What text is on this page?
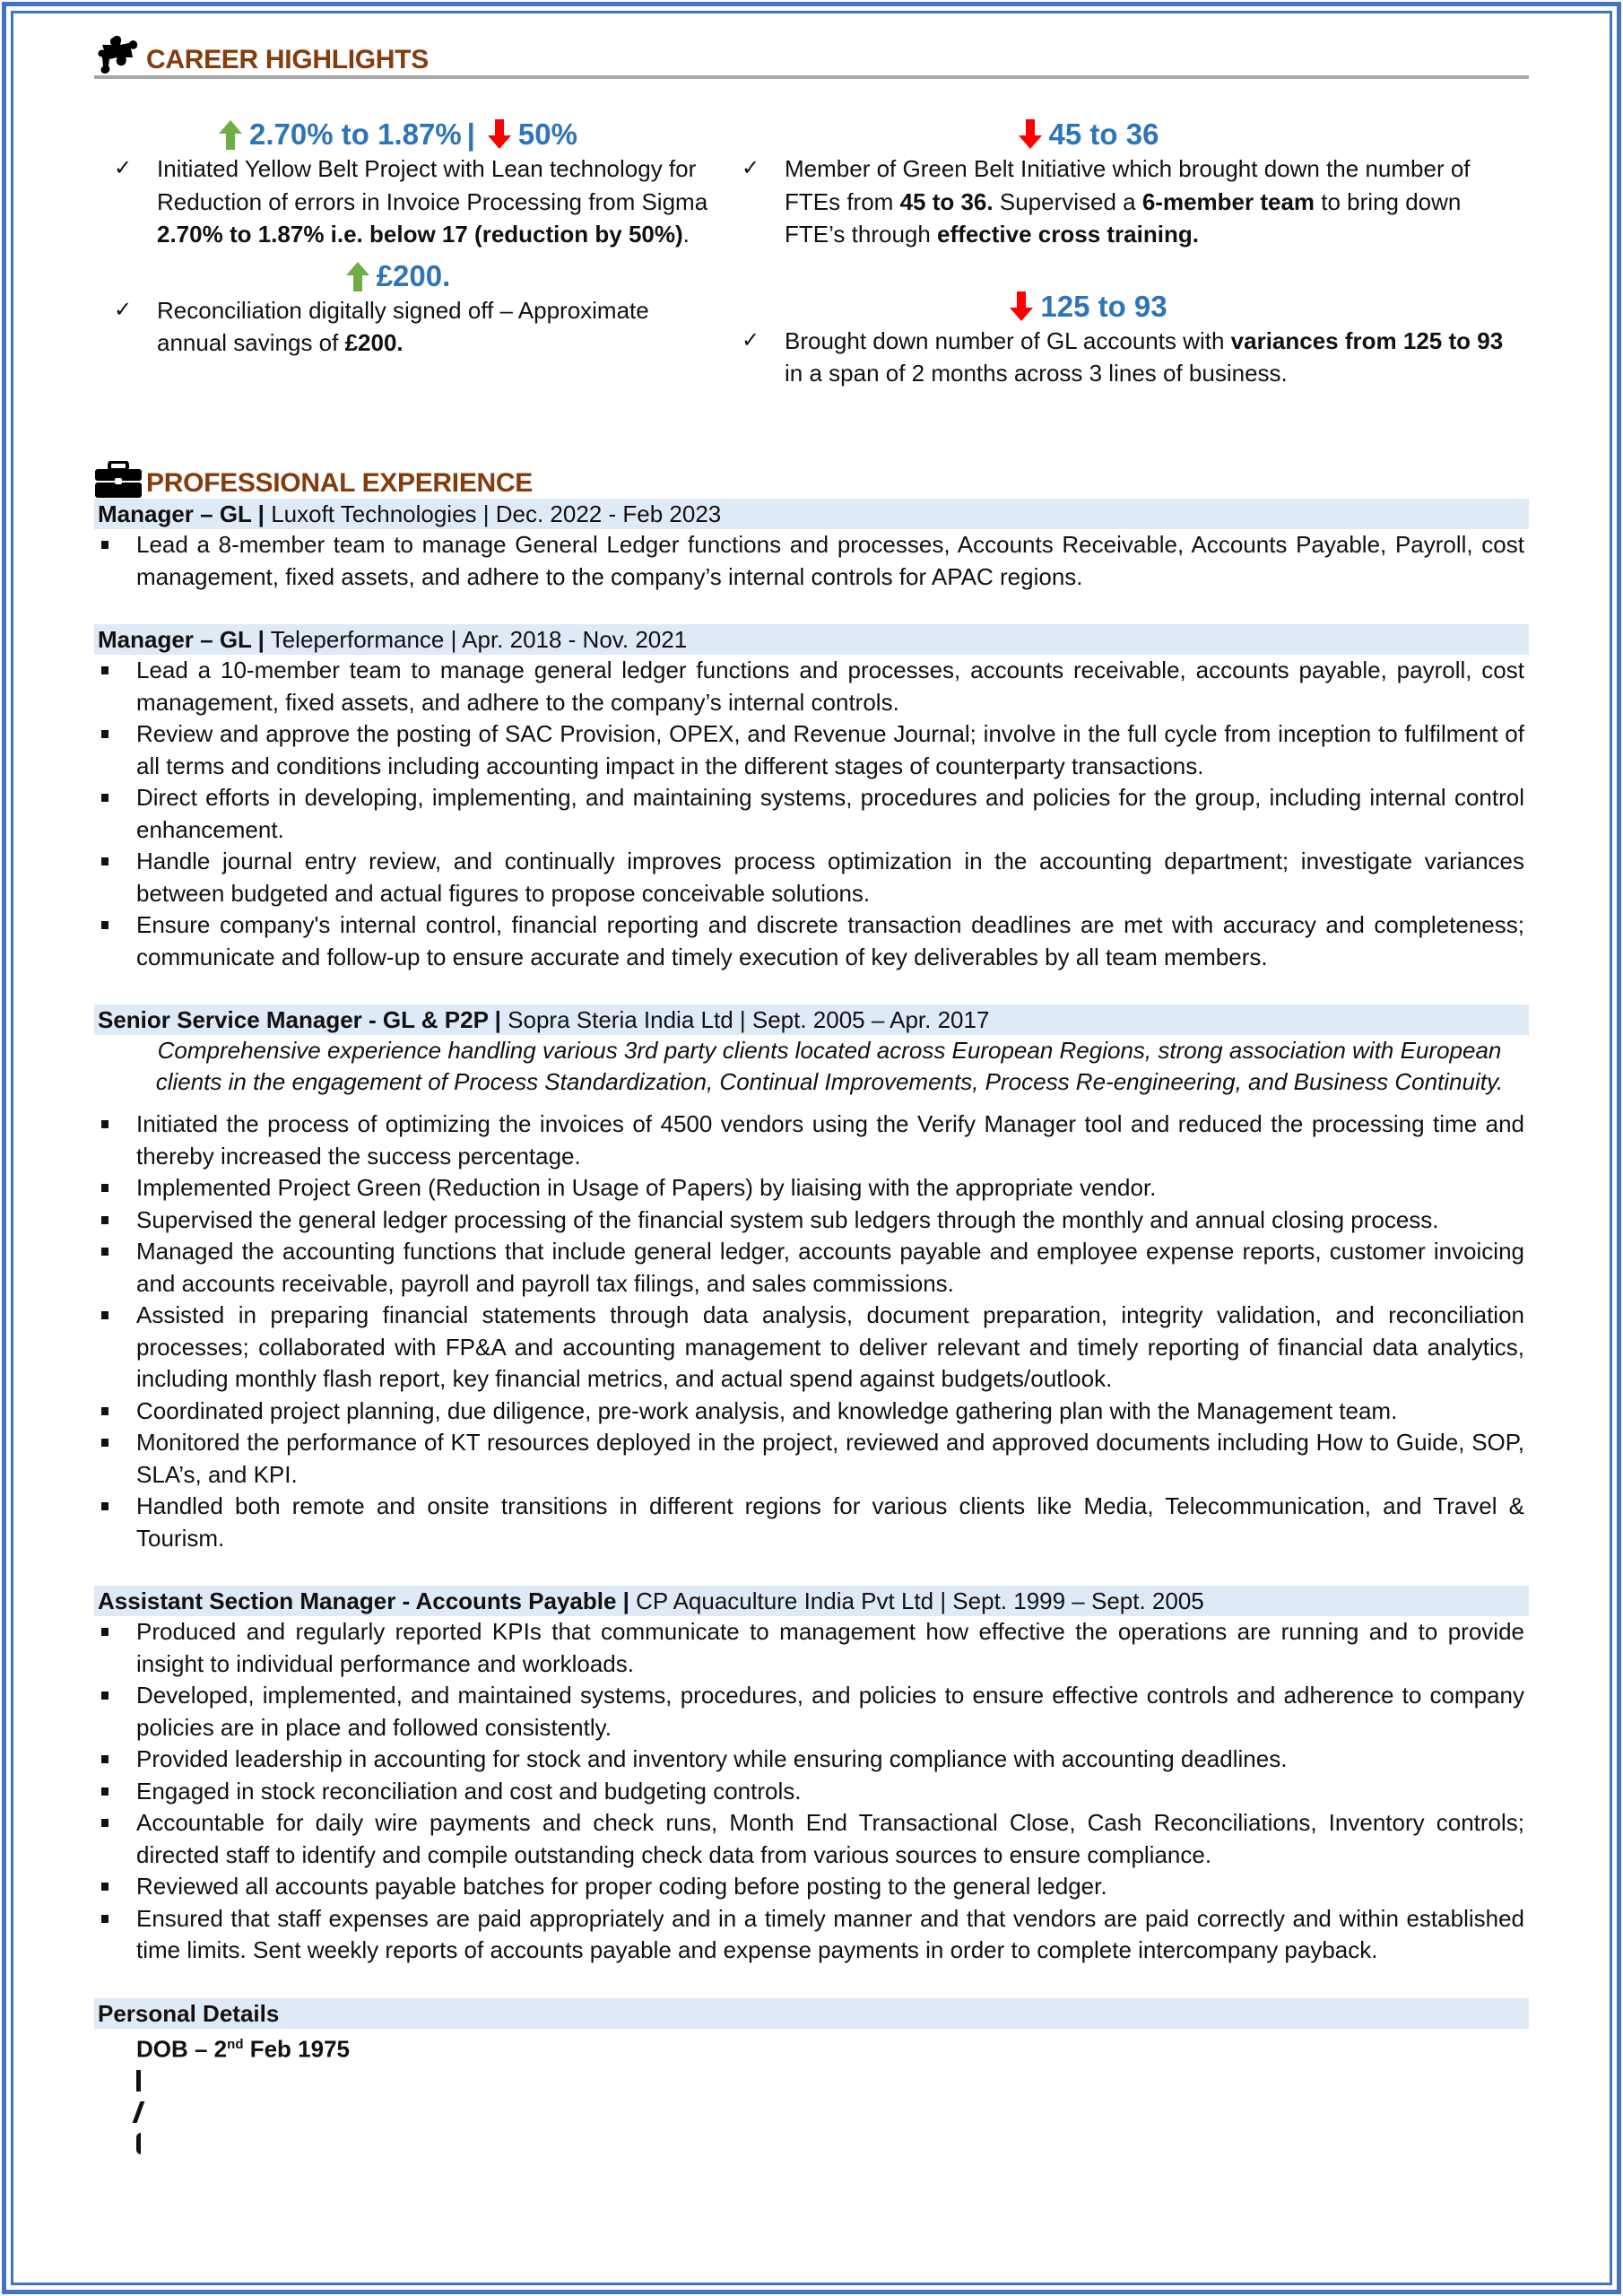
CAREER HIGHLIGHTS
2.70% to 1.87% | 50%
✓ Initiated Yellow Belt Project with Lean technology for Reduction of errors in Invoice Processing from Sigma 2.70% to 1.87% i.e. below 17 (reduction by 50%).
£200.
✓ Reconciliation digitally signed off – Approximate annual savings of £200.
45 to 36
✓ Member of Green Belt Initiative which brought down the number of FTEs from 45 to 36. Supervised a 6-member team to bring down FTE’s through effective cross training.
125 to 93
✓ Brought down number of GL accounts with variances from 125 to 93 in a span of 2 months across 3 lines of business.
PROFESSIONAL EXPERIENCE
Manager – GL | Luxoft Technologies | Dec. 2022 - Feb 2023
Lead a 8-member team to manage General Ledger functions and processes, Accounts Receivable, Accounts Payable, Payroll, cost management, fixed assets, and adhere to the company’s internal controls for APAC regions.
Manager – GL | Teleperformance | Apr. 2018 - Nov. 2021
Lead a 10-member team to manage general ledger functions and processes, accounts receivable, accounts payable, payroll, cost management, fixed assets, and adhere to the company’s internal controls.
Review and approve the posting of SAC Provision, OPEX, and Revenue Journal; involve in the full cycle from inception to fulfilment of all terms and conditions including accounting impact in the different stages of counterparty transactions.
Direct efforts in developing, implementing, and maintaining systems, procedures and policies for the group, including internal control enhancement.
Handle journal entry review, and continually improves process optimization in the accounting department; investigate variances between budgeted and actual figures to propose conceivable solutions.
Ensure company's internal control, financial reporting and discrete transaction deadlines are met with accuracy and completeness; communicate and follow-up to ensure accurate and timely execution of key deliverables by all team members.
Senior Service Manager - GL & P2P | Sopra Steria India Ltd | Sept. 2005 – Apr. 2017
Comprehensive experience handling various 3rd party clients located across European Regions, strong association with European clients in the engagement of Process Standardization, Continual Improvements, Process Re-engineering, and Business Continuity.
Initiated the process of optimizing the invoices of 4500 vendors using the Verify Manager tool and reduced the processing time and thereby increased the success percentage.
Implemented Project Green (Reduction in Usage of Papers) by liaising with the appropriate vendor.
Supervised the general ledger processing of the financial system sub ledgers through the monthly and annual closing process.
Managed the accounting functions that include general ledger, accounts payable and employee expense reports, customer invoicing and accounts receivable, payroll and payroll tax filings, and sales commissions.
Assisted in preparing financial statements through data analysis, document preparation, integrity validation, and reconciliation processes; collaborated with FP&A and accounting management to deliver relevant and timely reporting of financial data analytics, including monthly flash report, key financial metrics, and actual spend against budgets/outlook.
Coordinated project planning, due diligence, pre-work analysis, and knowledge gathering plan with the Management team.
Monitored the performance of KT resources deployed in the project, reviewed and approved documents including How to Guide, SOP, SLA’s, and KPI.
Handled both remote and onsite transitions in different regions for various clients like Media, Telecommunication, and Travel & Tourism.
Assistant Section Manager - Accounts Payable | CP Aquaculture India Pvt Ltd | Sept. 1999 – Sept. 2005
Produced and regularly reported KPIs that communicate to management how effective the operations are running and to provide insight to individual performance and workloads.
Developed, implemented, and maintained systems, procedures, and policies to ensure effective controls and adherence to company policies are in place and followed consistently.
Provided leadership in accounting for stock and inventory while ensuring compliance with accounting deadlines.
Engaged in stock reconciliation and cost and budgeting controls.
Accountable for daily wire payments and check runs, Month End Transactional Close, Cash Reconciliations, Inventory controls; directed staff to identify and compile outstanding check data from various sources to ensure compliance.
Reviewed all accounts payable batches for proper coding before posting to the general ledger.
Ensured that staff expenses are paid appropriately and in a timely manner and that vendors are paid correctly and within established time limits. Sent weekly reports of accounts payable and expense payments in order to complete intercompany payback.
Personal Details
DOB – 2nd Feb 1975
